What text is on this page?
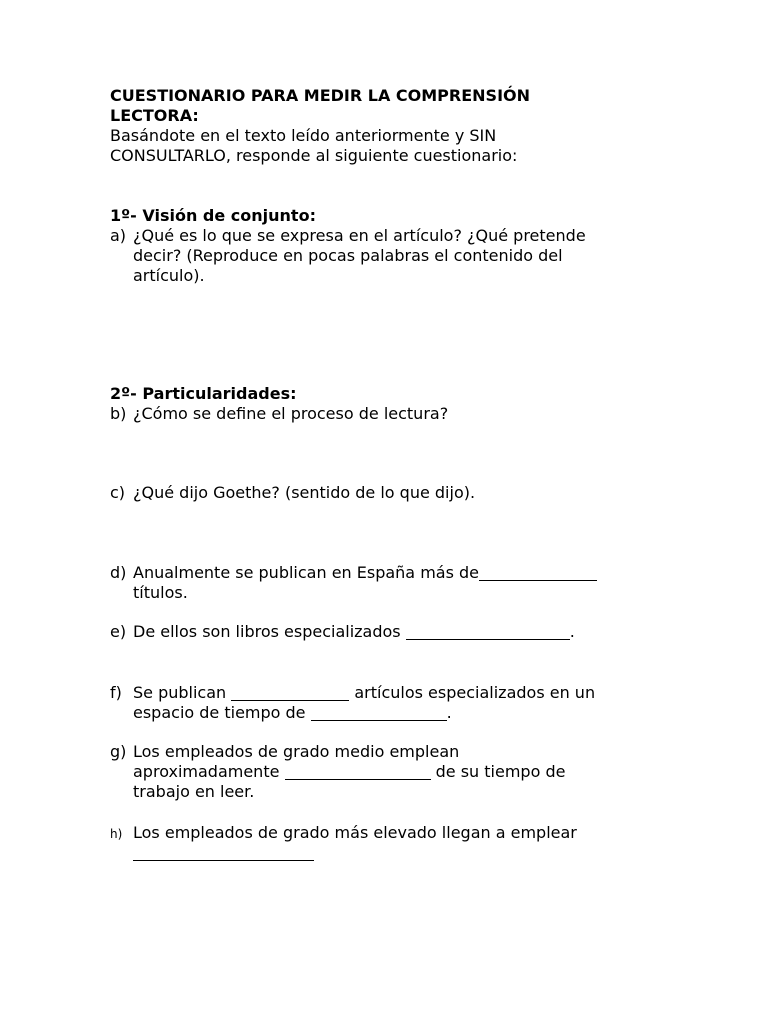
CUESTIONARIO PARA MEDIR LA COMPRENSIÓN
LECTORA:
Basándote en el texto leído anteriormente y SIN
CONSULTARLO, responde al siguiente cuestionario:
1º- Visión de conjunto:
a) ¿Qué es lo que se expresa en el artículo? ¿Qué pretende
decir? (Reproduce en pocas palabras el contenido del
artículo).
2º- Particularidades:
b) ¿Cómo se define el proceso de lectura?
c) ¿Qué dijo Goethe? (sentido de lo que dijo).
d) Anualmente se publican en España más de
títulos.
e) De ellos son libros especializados	.
f) Se publican	artículos especializados en un
espacio de tiempo de	.
g) Los empleados de grado medio emplean
aproximadamente	de su tiempo de
trabajo en leer.
h) Los empleados de grado más elevado llegan a emplear
